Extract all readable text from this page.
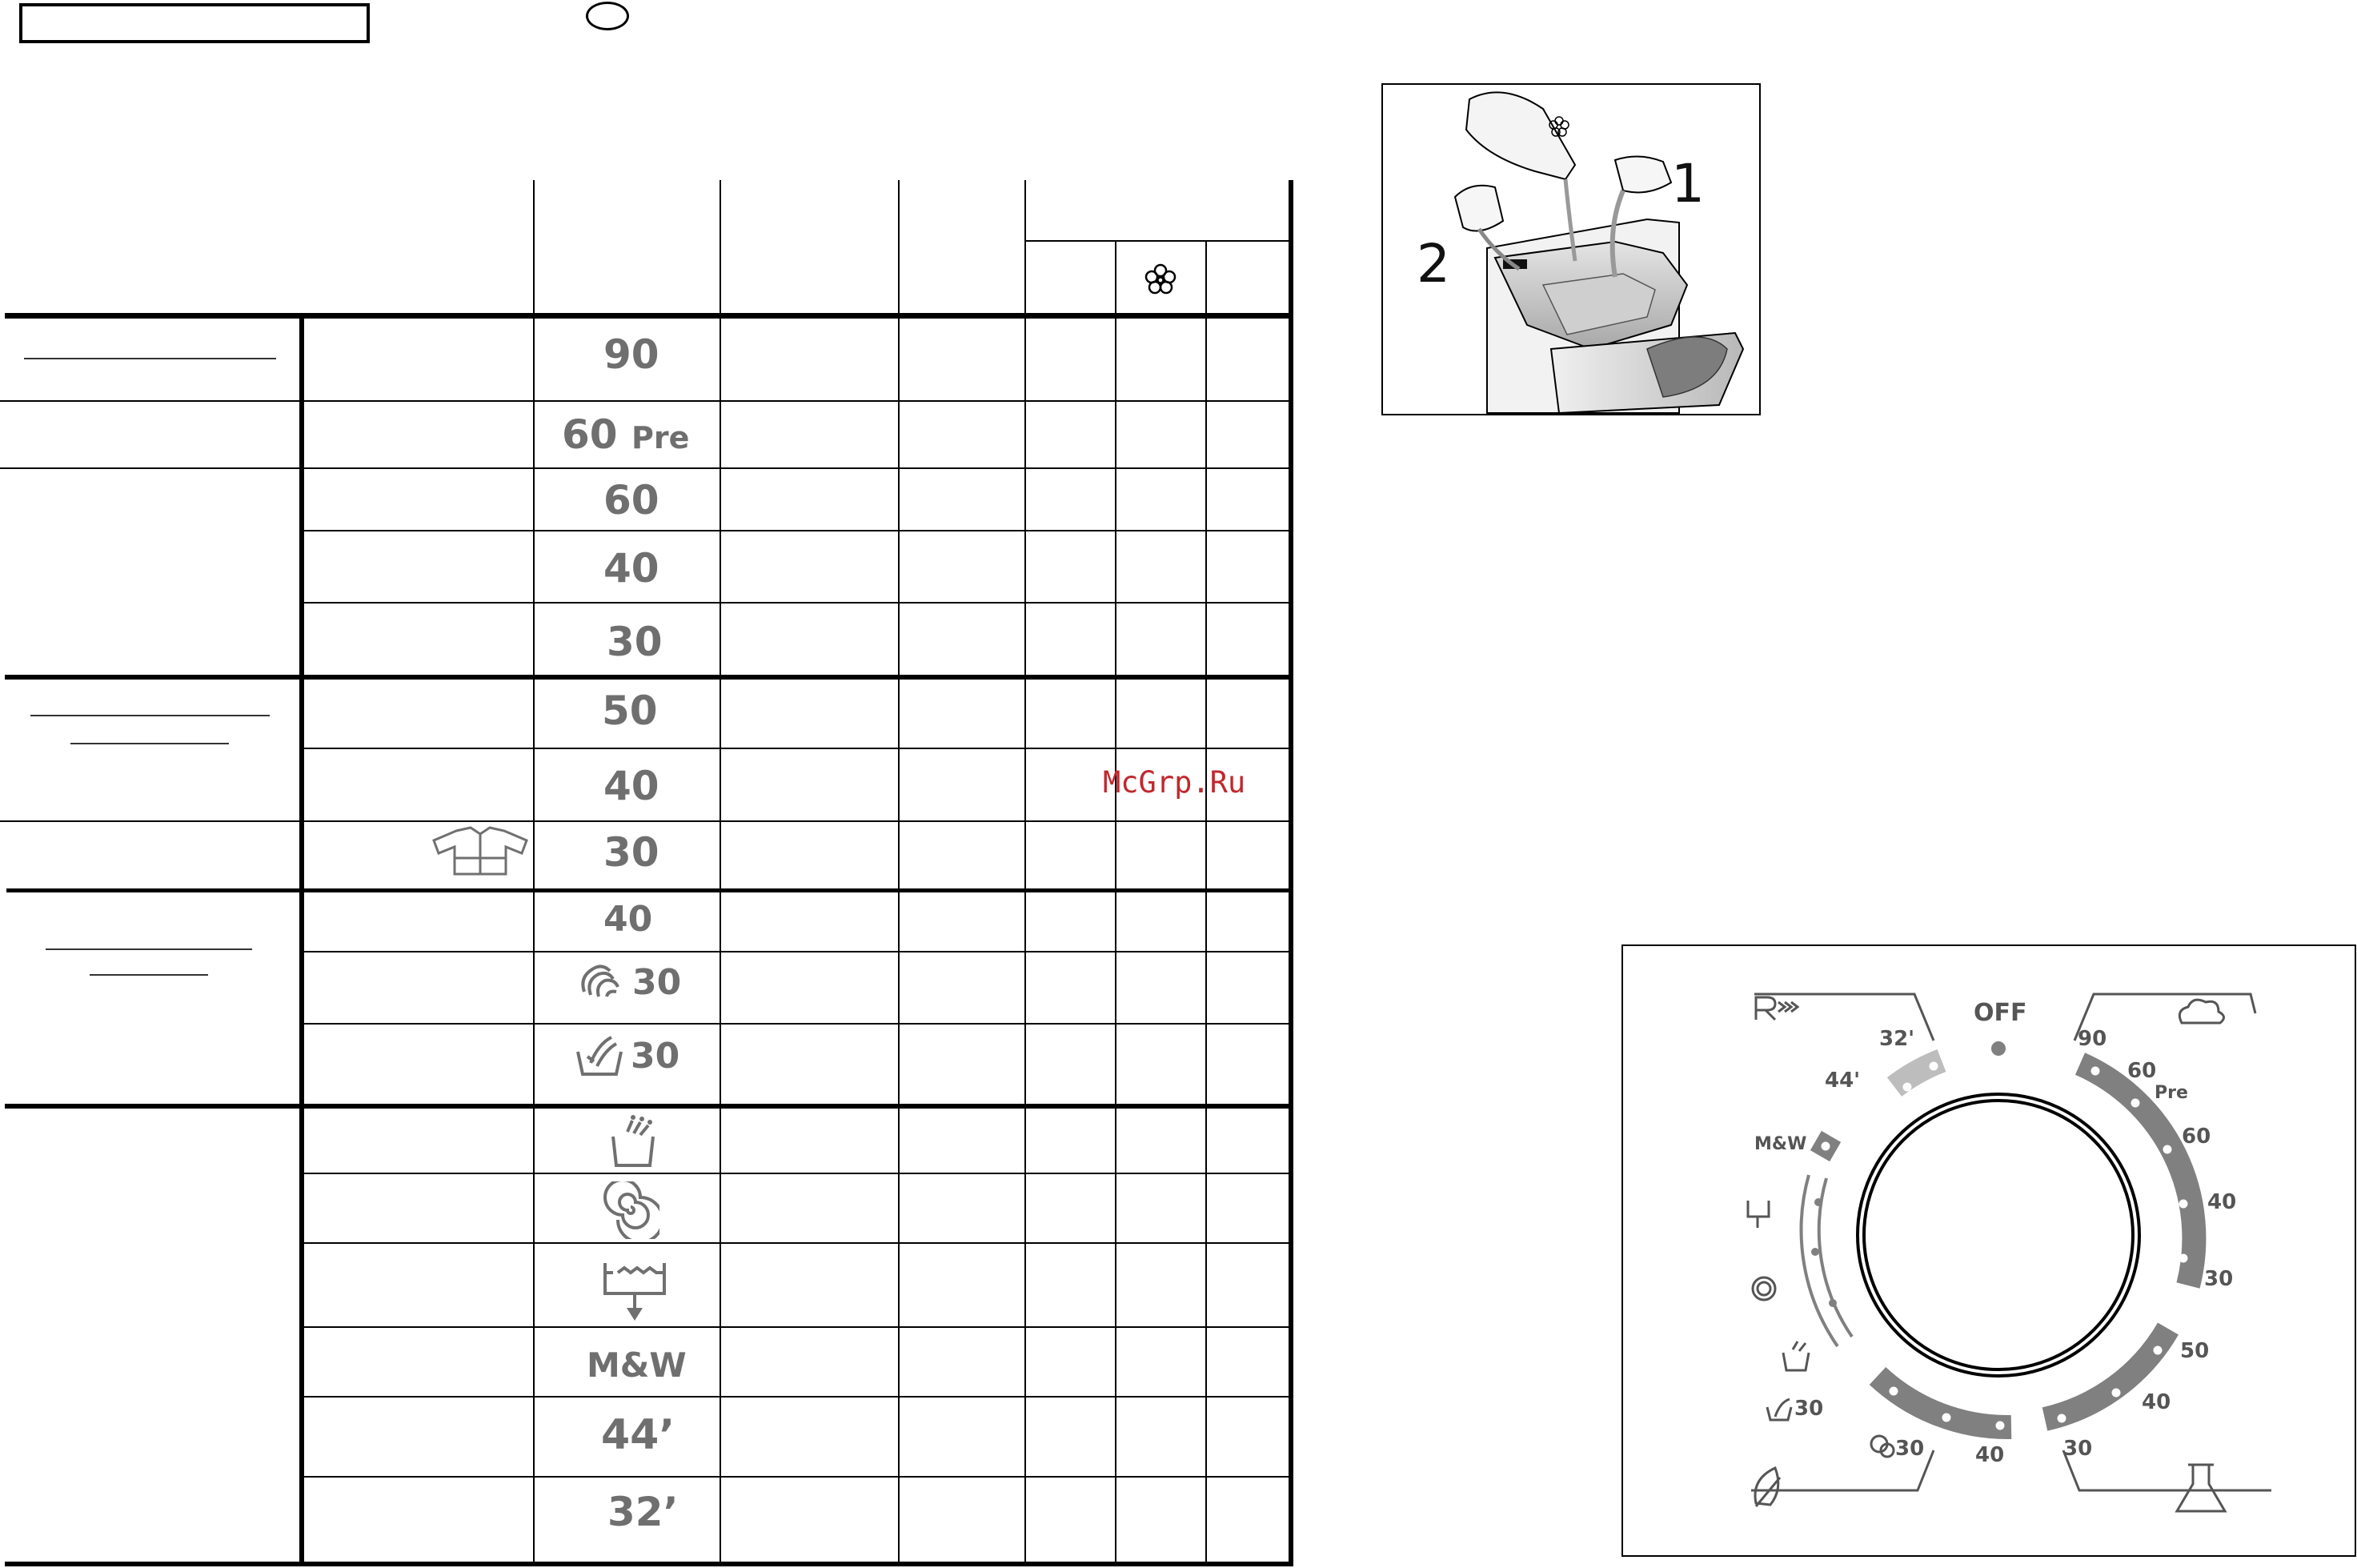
90
60 Pre
60
40
30
50
40
30
40
30
30
M&W
44’
32’
McGrp.Ru
1
2
OFF
90
60
Pre
60
40
30
50
40
30
40
30
30
M&W
44'
32'
